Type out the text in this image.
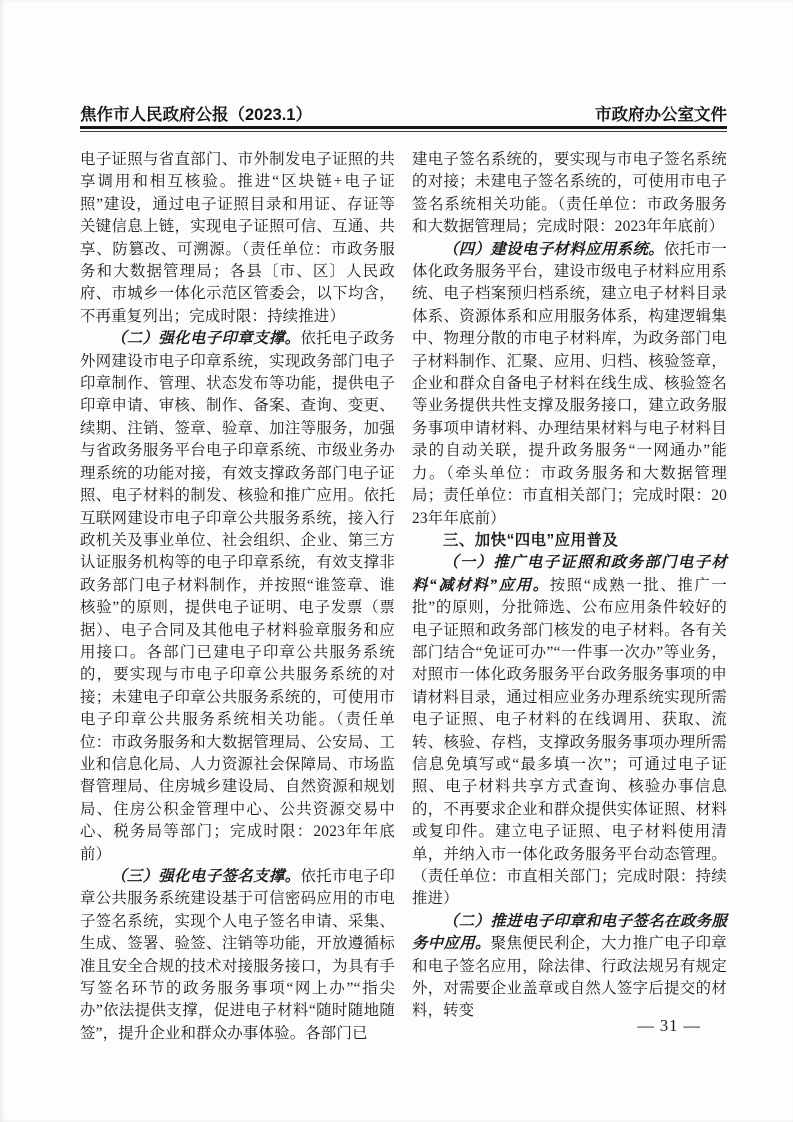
焦作市人民政府公报（2023.1）	市政府办公室文件

电子证照与省直部门、市外制发电子证照的共享调用和相互核验。推进“区块链+电子证照”建设，通过电子证照目录和用证、存证等关键信息上链，实现电子证照可信、互通、共享、防篡改、可溯源。（责任单位：市政务服务和大数据管理局；各县〔市、区〕人民政府、市城乡一体化示范区管委会，以下均含，不再重复列出；完成时限：持续推进）

（二）强化电子印章支撑。依托电子政务外网建设市电子印章系统，实现政务部门电子印章制作、管理、状态发布等功能，提供电子印章申请、审核、制作、备案、查询、变更、续期、注销、签章、验章、加注等服务，加强与省政务服务平台电子印章系统、市级业务办理系统的功能对接，有效支撑政务部门电子证照、电子材料的制发、核验和推广应用。依托互联网建设市电子印章公共服务系统，接入行政机关及事业单位、社会组织、企业、第三方认证服务机构等的电子印章系统，有效支撑非政务部门电子材料制作，并按照“谁签章、谁核验”的原则，提供电子证明、电子发票（票据）、电子合同及其他电子材料验章服务和应用接口。各部门已建电子印章公共服务系统的，要实现与市电子印章公共服务系统的对接；未建电子印章公共服务系统的，可使用市电子印章公共服务系统相关功能。（责任单位：市政务服务和大数据管理局、公安局、工业和信息化局、人力资源社会保障局、市场监督管理局、住房城乡建设局、自然资源和规划局、住房公积金管理中心、公共资源交易中心、税务局等部门；完成时限：2023年年底前）

（三）强化电子签名支撑。依托市电子印章公共服务系统建设基于可信密码应用的市电子签名系统，实现个人电子签名申请、采集、生成、签署、验签、注销等功能，开放遵循标准且安全合规的技术对接服务接口，为具有手写签名环节的政务服务事项“网上办”“指尖办”依法提供支撑，促进电子材料“随时随地随签”，提升企业和群众办事体验。各部门已

建电子签名系统的，要实现与市电子签名系统的对接；未建电子签名系统的，可使用市电子签名系统相关功能。（责任单位：市政务服务和大数据管理局；完成时限：2023年年底前）

（四）建设电子材料应用系统。依托市一体化政务服务平台，建设市级电子材料应用系统、电子档案预归档系统，建立电子材料目录体系、资源体系和应用服务体系，构建逻辑集中、物理分散的市电子材料库，为政务部门电子材料制作、汇聚、应用、归档、核验签章，企业和群众自备电子材料在线生成、核验签名等业务提供共性支撑及服务接口，建立政务服务事项申请材料、办理结果材料与电子材料目录的自动关联，提升政务服务“一网通办”能力。（牵头单位：市政务服务和大数据管理局；责任单位：市直相关部门；完成时限：2023年年底前）

三、加快“四电”应用普及

（一）推广电子证照和政务部门电子材料“减材料”应用。按照“成熟一批、推广一批”的原则，分批筛选、公布应用条件较好的电子证照和政务部门核发的电子材料。各有关部门结合“免证可办”“一件事一次办”等业务，对照市一体化政务服务平台政务服务事项的申请材料目录，通过相应业务办理系统实现所需电子证照、电子材料的在线调用、获取、流转、核验、存档，支撑政务服务事项办理所需信息免填写或“最多填一次”；可通过电子证照、电子材料共享方式查询、核验办事信息的，不再要求企业和群众提供实体证照、材料或复印件。建立电子证照、电子材料使用清单，并纳入市一体化政务服务平台动态管理。（责任单位：市直相关部门；完成时限：持续推进）

（二）推进电子印章和电子签名在政务服务中应用。聚焦便民利企，大力推广电子印章和电子签名应用，除法律、行政法规另有规定外，对需要企业盖章或自然人签字后提交的材料，转变

— 31 —
